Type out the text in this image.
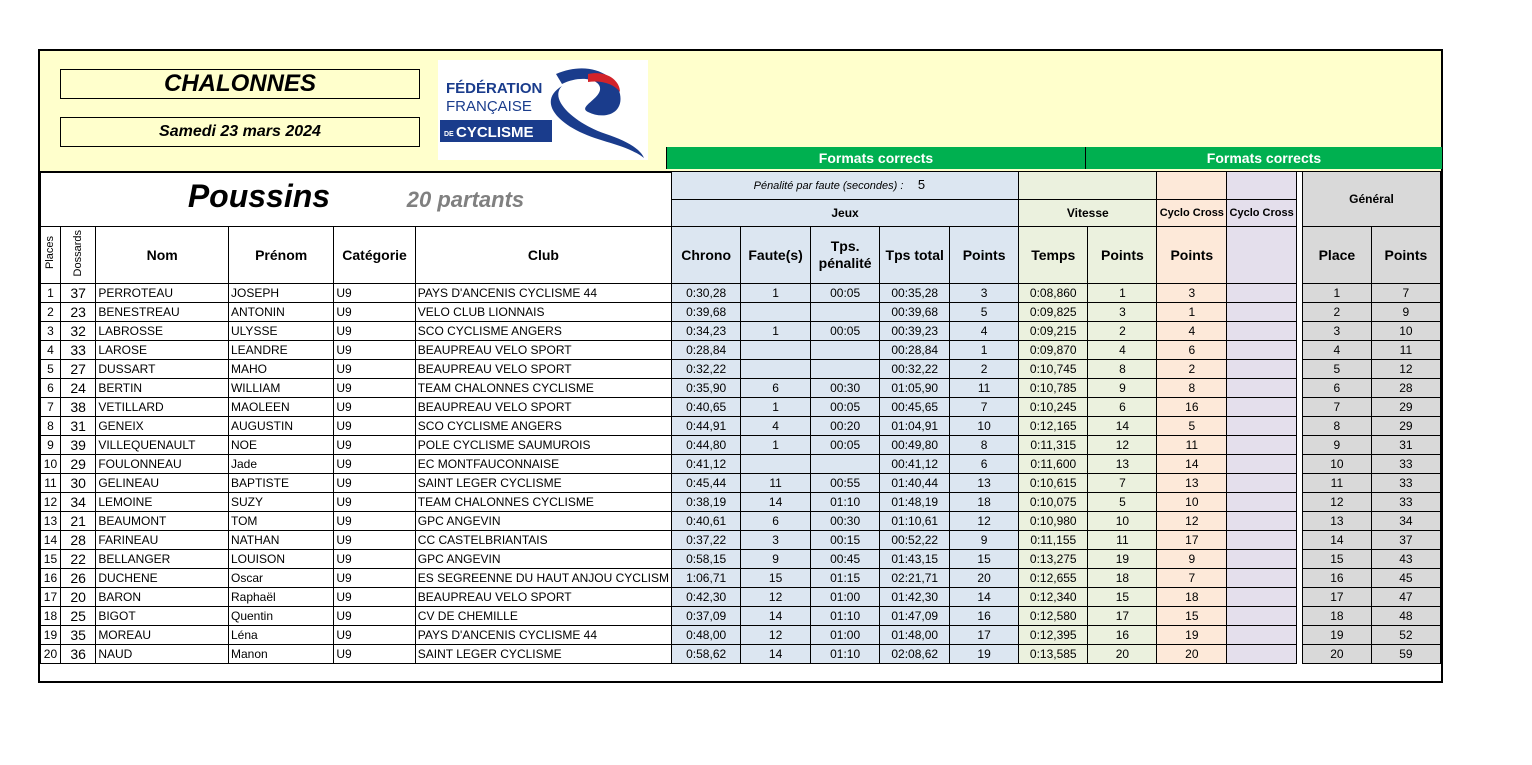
CHALONNES
Samedi 23 mars 2024
FÉDÉRATION
FRANÇAISE
DE CYCLISME
Formats corrects	Formats corrects
Poussins 20 partants						Pénalité par faute (secondes) : 5										Général	
						Jeux					Vitesse		Cyclo Cross	Cyclo Cross			
Places	Dossards	Nom	Prénom	Catégorie	Club	Chrono	Faute(s)	Tps. pénalité	Tps total	Points	Temps	Points	Points			Place	Points
1	37	PERROTEAU	JOSEPH	U9	PAYS D'ANCENIS CYCLISME 44	0:30,28	1	00:05	00:35,28	3	0:08,860	1	3			1	7
2	23	BENESTREAU	ANTONIN	U9	VELO CLUB LIONNAIS	0:39,68			00:39,68	5	0:09,825	3	1			2	9
3	32	LABROSSE	ULYSSE	U9	SCO CYCLISME ANGERS	0:34,23	1	00:05	00:39,23	4	0:09,215	2	4			3	10
4	33	LAROSE	LEANDRE	U9	BEAUPREAU VELO SPORT	0:28,84			00:28,84	1	0:09,870	4	6			4	11
5	27	DUSSART	MAHO	U9	BEAUPREAU VELO SPORT	0:32,22			00:32,22	2	0:10,745	8	2			5	12
6	24	BERTIN	WILLIAM	U9	TEAM CHALONNES CYCLISME	0:35,90	6	00:30	01:05,90	11	0:10,785	9	8			6	28
7	38	VETILLARD	MAOLEEN	U9	BEAUPREAU VELO SPORT	0:40,65	1	00:05	00:45,65	7	0:10,245	6	16			7	29
8	31	GENEIX	AUGUSTIN	U9	SCO CYCLISME ANGERS	0:44,91	4	00:20	01:04,91	10	0:12,165	14	5			8	29
9	39	VILLEQUENAULT	NOE	U9	POLE CYCLISME SAUMUROIS	0:44,80	1	00:05	00:49,80	8	0:11,315	12	11			9	31
10	29	FOULONNEAU	Jade	U9	EC MONTFAUCONNAISE	0:41,12			00:41,12	6	0:11,600	13	14			10	33
11	30	GELINEAU	BAPTISTE	U9	SAINT LEGER CYCLISME	0:45,44	11	00:55	01:40,44	13	0:10,615	7	13			11	33
12	34	LEMOINE	SUZY	U9	TEAM CHALONNES CYCLISME	0:38,19	14	01:10	01:48,19	18	0:10,075	5	10			12	33
13	21	BEAUMONT	TOM	U9	GPC ANGEVIN	0:40,61	6	00:30	01:10,61	12	0:10,980	10	12			13	34
14	28	FARINEAU	NATHAN	U9	CC CASTELBRIANTAIS	0:37,22	3	00:15	00:52,22	9	0:11,155	11	17			14	37
15	22	BELLANGER	LOUISON	U9	GPC ANGEVIN	0:58,15	9	00:45	01:43,15	15	0:13,275	19	9			15	43
16	26	DUCHENE	Oscar	U9	ES SEGREENNE DU HAUT ANJOU CYCLISM	1:06,71	15	01:15	02:21,71	20	0:12,655	18	7			16	45
17	20	BARON	Raphaël	U9	BEAUPREAU VELO SPORT	0:42,30	12	01:00	01:42,30	14	0:12,340	15	18			17	47
18	25	BIGOT	Quentin	U9	CV DE CHEMILLE	0:37,09	14	01:10	01:47,09	16	0:12,580	17	15			18	48
19	35	MOREAU	Léna	U9	PAYS D'ANCENIS CYCLISME 44	0:48,00	12	01:00	01:48,00	17	0:12,395	16	19			19	52
20	36	NAUD	Manon	U9	SAINT LEGER CYCLISME	0:58,62	14	01:10	02:08,62	19	0:13,585	20	20			20	59
